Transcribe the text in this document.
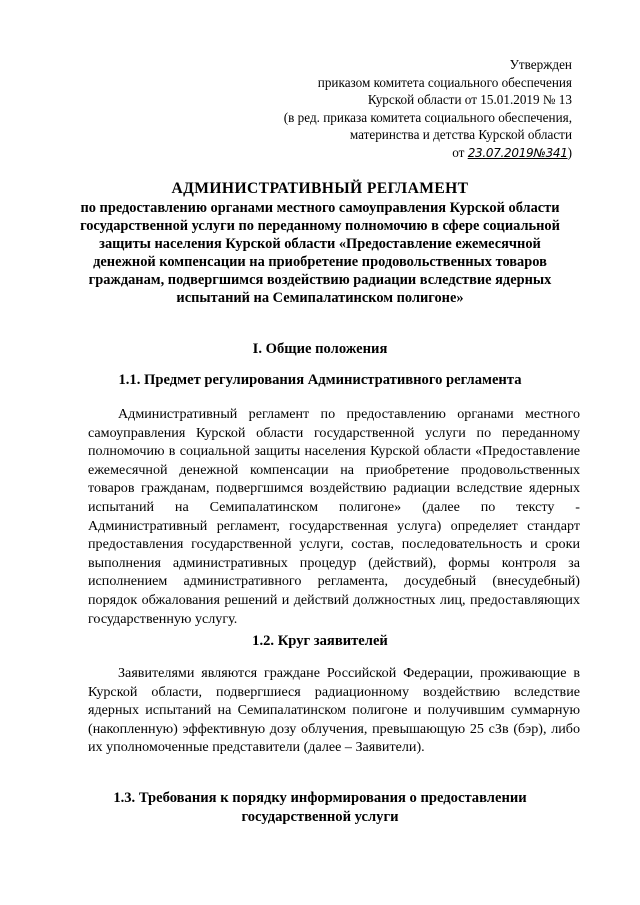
Утвержден
приказом комитета социального обеспечения
Курской области от 15.01.2019 № 13
(в ред. приказа комитета социального обеспечения,
материнства и детства Курской области
от 23.07.2019№341)
АДМИНИСТРАТИВНЫЙ РЕГЛАМЕНТ
по предоставлению органами местного самоуправления Курской области государственной услуги по переданному полномочию в сфере социальной защиты населения Курской области «Предоставление ежемесячной денежной компенсации на приобретение продовольственных товаров гражданам, подвергшимся воздействию радиации вследствие ядерных испытаний на Семипалатинском полигоне»
I. Общие положения
1.1. Предмет регулирования Административного регламента
Административный регламент по предоставлению органами местного самоуправления Курской области государственной услуги по переданному полномочию в социальной защиты населения Курской области «Предоставление ежемесячной денежной компенсации на приобретение продовольственных товаров гражданам, подвергшимся воздействию радиации вследствие ядерных испытаний на Семипалатинском полигоне» (далее по тексту - Административный регламент, государственная услуга) определяет стандарт предоставления государственной услуги, состав, последовательность и сроки выполнения административных процедур (действий), формы контроля за исполнением административного регламента, досудебный (внесудебный) порядок обжалования решений и действий должностных лиц, предоставляющих государственную услугу.
1.2. Круг заявителей
Заявителями являются граждане Российской Федерации, проживающие в Курской области, подвергшиеся радиационному воздействию вследствие ядерных испытаний на Семипалатинском полигоне и получившим суммарную (накопленную) эффективную дозу облучения, превышающую 25 сЗв (бэр), либо их уполномоченные представители (далее – Заявители).
1.3. Требования к порядку информирования о предоставлении государственной услуги
